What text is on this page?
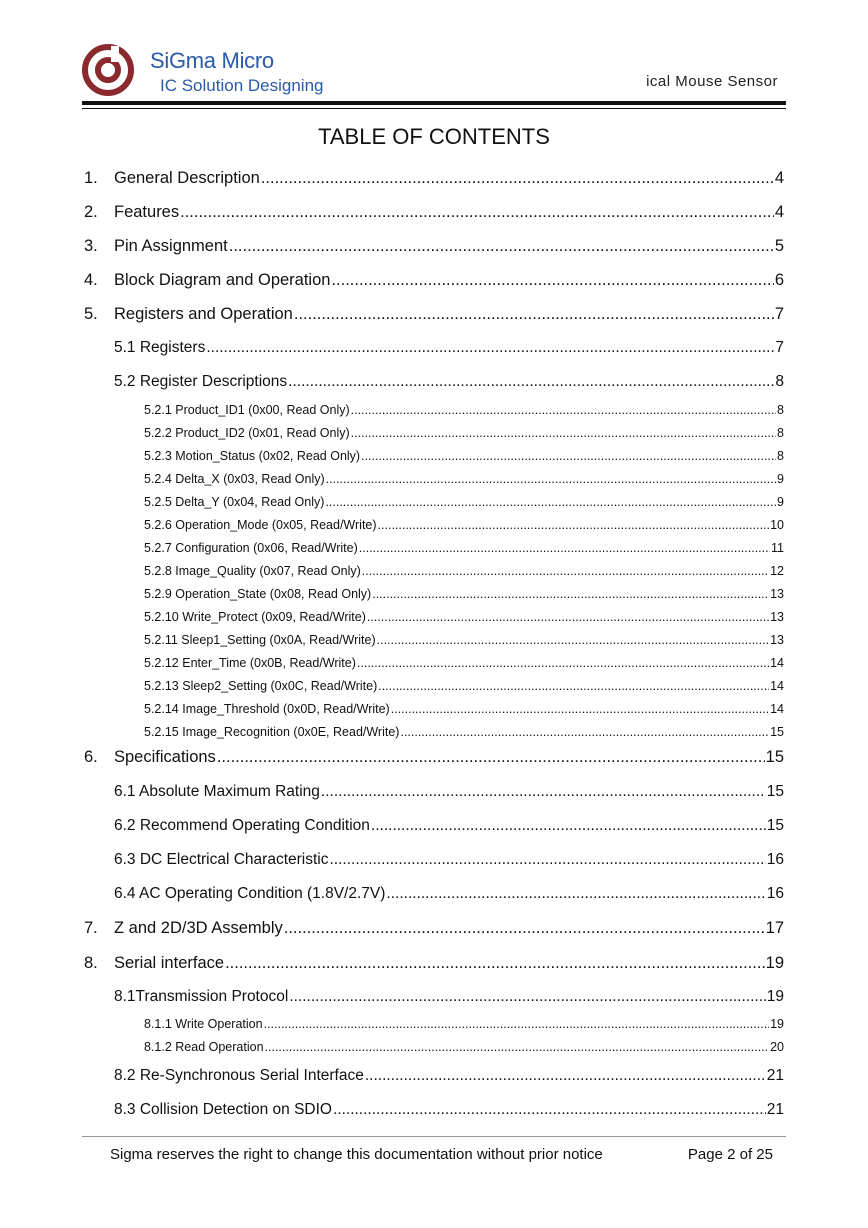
SiGma Micro
IC Solution Designing	ical Mouse Sensor
TABLE OF CONTENTS
1. General Description .....	4
2. Features .....	4
3. Pin Assignment .....	5
4. Block Diagram and Operation .....	6
5. Registers and Operation .....	7
5.1 Registers .....	7
5.2 Register Descriptions .....	8
5.2.1 Product_ID1 (0x00, Read Only) .....	8
5.2.2 Product_ID2 (0x01, Read Only) .....	8
5.2.3 Motion_Status (0x02, Read Only) .....	8
5.2.4 Delta_X (0x03, Read Only) .....	9
5.2.5 Delta_Y (0x04, Read Only) .....	9
5.2.6 Operation_Mode (0x05, Read/Write) .....	10
5.2.7 Configuration (0x06, Read/Write) .....	11
5.2.8 Image_Quality (0x07, Read Only) .....	12
5.2.9 Operation_State (0x08, Read Only) .....	13
5.2.10 Write_Protect (0x09, Read/Write) .....	13
5.2.11 Sleep1_Setting (0x0A, Read/Write) .....	13
5.2.12 Enter_Time (0x0B, Read/Write) .....	14
5.2.13 Sleep2_Setting (0x0C, Read/Write) .....	14
5.2.14 Image_Threshold (0x0D, Read/Write) .....	14
5.2.15 Image_Recognition (0x0E, Read/Write) .....	15
6. Specifications .....	15
6.1 Absolute Maximum Rating .....	15
6.2 Recommend Operating Condition .....	15
6.3 DC Electrical Characteristic .....	16
6.4 AC Operating Condition (1.8V/2.7V) .....	16
7. Z and 2D/3D Assembly .....	17
8. Serial interface .....	19
8.1Transmission Protocol .....	19
8.1.1 Write Operation .....	19
8.1.2 Read Operation .....	20
8.2 Re-Synchronous Serial Interface .....	21
8.3 Collision Detection on SDIO .....	21
Sigma reserves the right to change this documentation without prior notice	Page 2 of 25
